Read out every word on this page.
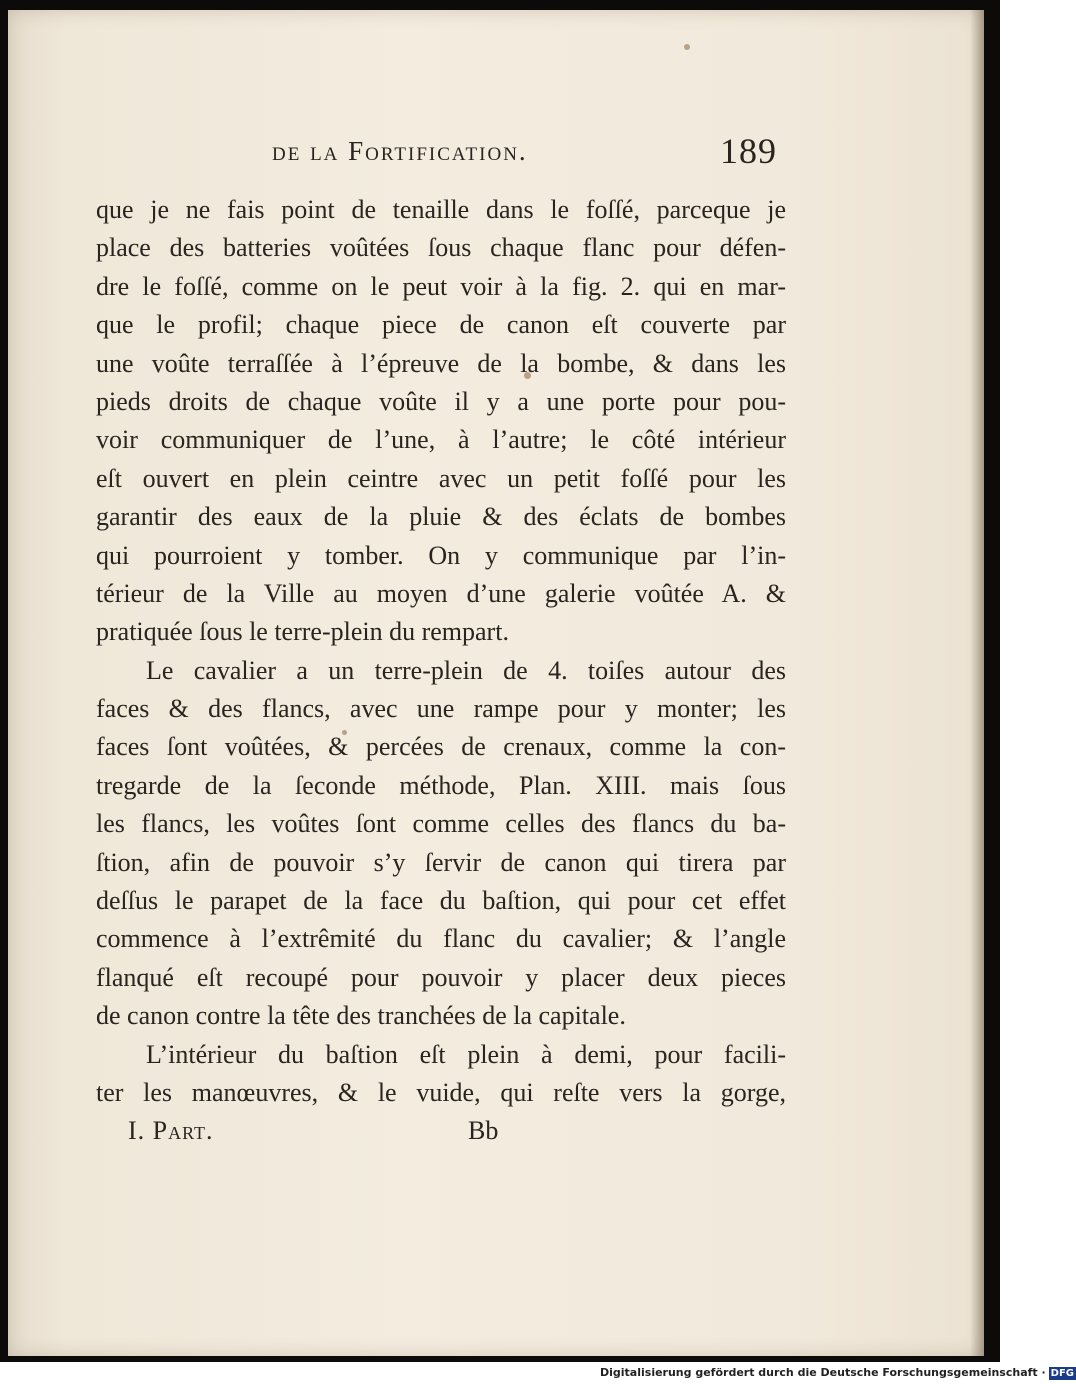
de la Fortification.	189
que je ne fais point de tenaille dans le foſſé, parceque je
place des batteries voûtées ſous chaque flanc pour défen-
dre le foſſé, comme on le peut voir à la fig. 2. qui en mar-
que le profil; chaque piece de canon eſt couverte par
une voûte terraſſée à l’épreuve de la bombe, & dans les
pieds droits de chaque voûte il y a une porte pour pou-
voir communiquer de l’une, à l’autre; le côté intérieur
eſt ouvert en plein ceintre avec un petit foſſé pour les
garantir des eaux de la pluie & des éclats de bombes
qui pourroient y tomber. On y communique par l’in-
térieur de la Ville au moyen d’une galerie voûtée A. &
pratiquée ſous le terre-plein du rempart.
Le cavalier a un terre-plein de 4. toiſes autour des
faces & des flancs, avec une rampe pour y monter; les
faces ſont voûtées, & percées de crenaux, comme la con-
tregarde de la ſeconde méthode, Plan. XIII. mais ſous
les flancs, les voûtes ſont comme celles des flancs du ba-
ſtion, afin de pouvoir s’y ſervir de canon qui tirera par
deſſus le parapet de la face du baſtion, qui pour cet effet
commence à l’extrêmité du flanc du cavalier; & l’angle
flanqué eſt recoupé pour pouvoir y placer deux pieces
de canon contre la tête des tranchées de la capitale.
L’intérieur du baſtion eſt plein à demi, pour facili-
ter les manœuvres, & le vuide, qui reſte vers la gorge,
I. Part.	Bb
Digitalisierung gefördert durch die Deutsche Forschungsgemeinschaft · DFG
